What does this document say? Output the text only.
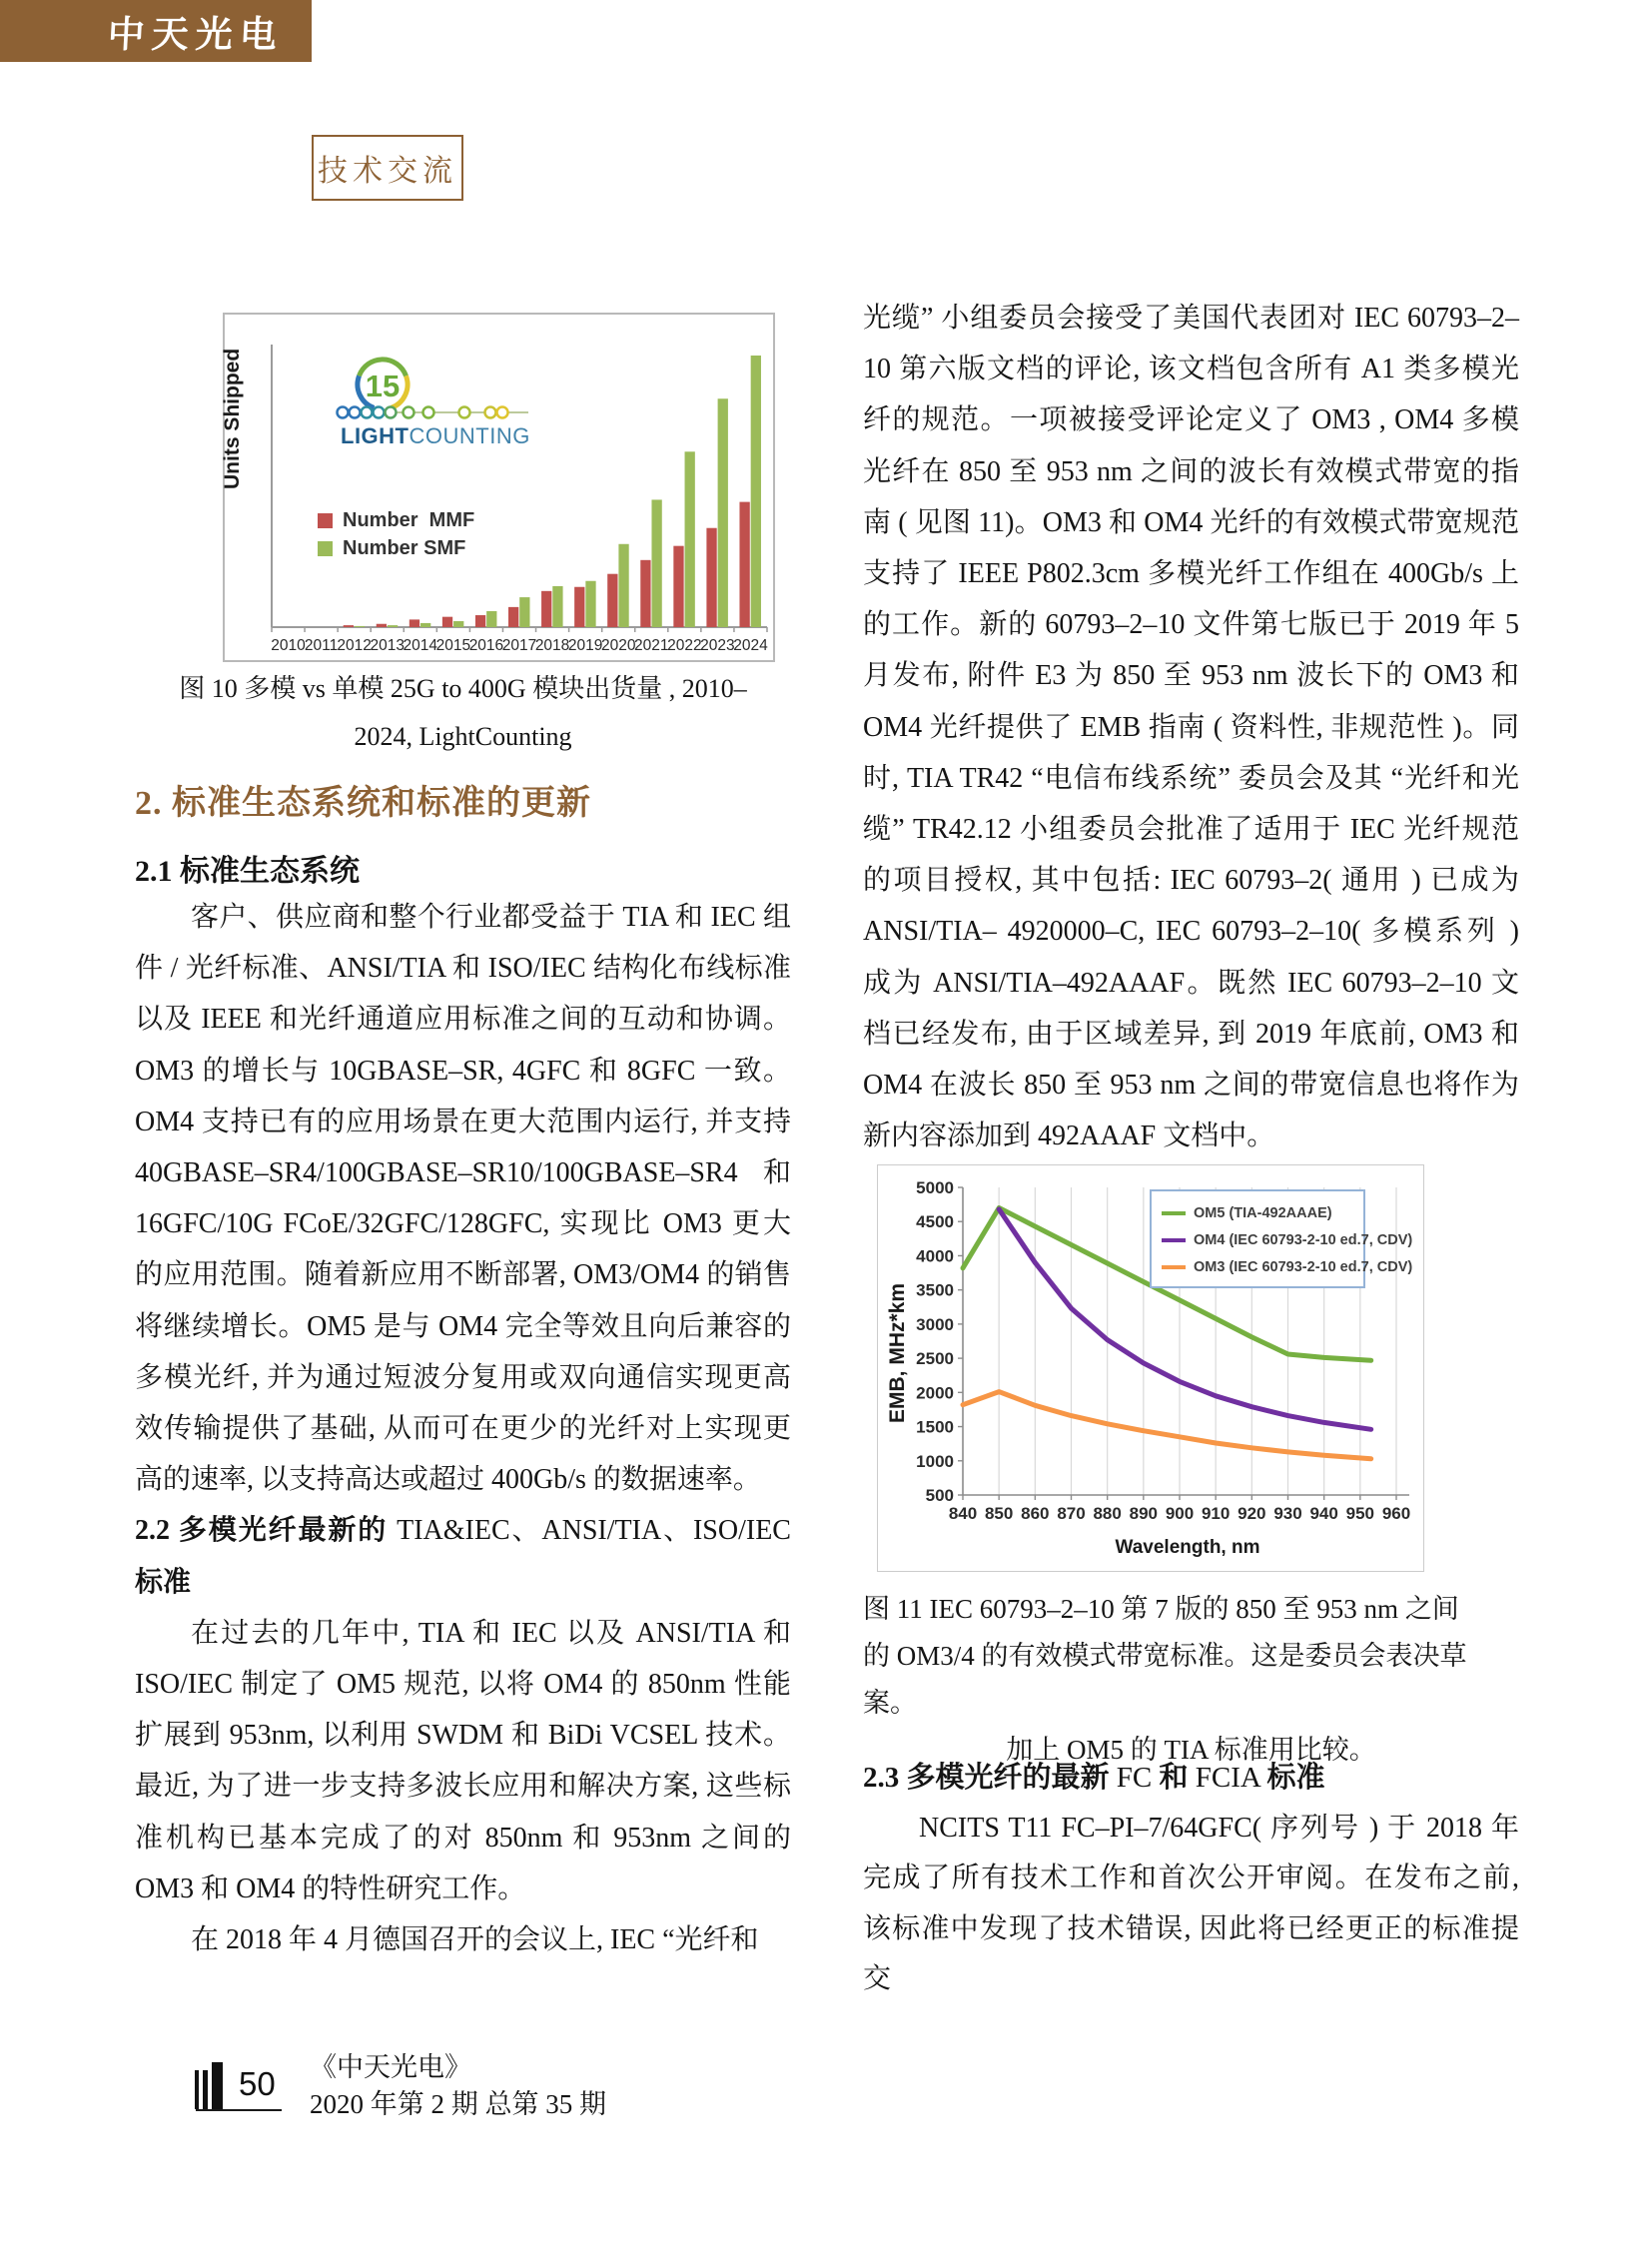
中天光电
技术交流
Units Shipped	15
LIGHTCOUNTING
Number  MMF
Number SMF
2010 2011 2012
2013
2014
2015
2016
2017
2018
2019
2020
2021
2022
2023
2024
图 10 多模 vs 单模 25G to 400G 模块出货量 , 2010–
2024, LightCounting
2. 标准生态系统和标准的更新
2.1 标准生态系统
客户、供应商和整个行业都受益于 TIA 和 IEC 组件 / 光纤标准、ANSI/TIA 和 ISO/IEC 结构化布线标准以及 IEEE 和光纤通道应用标准之间的互动和协调。OM3 的增长与 10GBASE–SR, 4GFC 和 8GFC 一致。OM4 支持已有的应用场景在更大范围内运行, 并支持 40GBASE–SR4/100GBASE–SR10/100GBASE–SR4 和 16GFC/10G FCoE/32GFC/128GFC, 实现比 OM3 更大的应用范围。随着新应用不断部署, OM3/OM4 的销售将继续增长。OM5 是与 OM4 完全等效且向后兼容的多模光纤, 并为通过短波分复用或双向通信实现更高效传输提供了基础, 从而可在更少的光纤对上实现更高的速率, 以支持高达或超过 400Gb/s 的数据速率。
2.2 多模光纤最新的 TIA&IEC、ANSI/TIA、ISO/IEC 标准
在过去的几年中, TIA 和 IEC 以及 ANSI/TIA 和 ISO/IEC 制定了 OM5 规范, 以将 OM4 的 850nm 性能扩展到 953nm, 以利用 SWDM 和 BiDi VCSEL 技术。最近, 为了进一步支持多波长应用和解决方案, 这些标准机构已基本完成了的对 850nm 和 953nm 之间的 OM3 和 OM4 的特性研究工作。
在 2018 年 4 月德国召开的会议上, IEC “光纤和
光缆” 小组委员会接受了美国代表团对 IEC 60793–2–10 第六版文档的评论, 该文档包含所有 A1 类多模光纤的规范。一项被接受评论定义了 OM3 , OM4 多模光纤在 850 至 953 nm 之间的波长有效模式带宽的指南 ( 见图 11)。OM3 和 OM4 光纤的有效模式带宽规范支持了 IEEE P802.3cm 多模光纤工作组在 400Gb/s 上的工作。新的 60793–2–10 文件第七版已于 2019 年 5 月发布, 附件 E3 为 850 至 953 nm 波长下的 OM3 和 OM4 光纤提供了 EMB 指南 ( 资料性, 非规范性 )。同时, TIA TR42 “电信布线系统” 委员会及其 “光纤和光缆” TR42.12 小组委员会批准了适用于 IEC 光纤规范的项目授权, 其中包括: IEC 60793–2( 通用 ) 已成为 ANSI/TIA– 4920000–C, IEC 60793–2–10( 多模系列 ) 成为 ANSI/TIA–492AAAF。既然 IEC 60793–2–10 文档已经发布, 由于区域差异, 到 2019 年底前, OM3 和 OM4 在波长 850 至 953 nm 之间的带宽信息也将作为新内容添加到 492AAAF 文档中。
EMB, MHz*km
Wavelength, nm
840 850 860 870 880 890 900 910 920 930 940 950 960
500
1000
1500
2000
2500
3000
3500
4000
4500
5000
OM5 (TIA-492AAAE)
OM4 (IEC 60793-2-10 ed.7, CDV)
OM3 (IEC 60793-2-10 ed.7, CDV)
图 11 IEC 60793–2–10 第 7 版的 850 至 953 nm 之间
的 OM3/4 的有效模式带宽标准。这是委员会表决草案。
加上 OM5 的 TIA 标准用比较。
2.3 多模光纤的最新 FC 和 FCIA 标准
NCITS T11 FC–PI–7/64GFC( 序列号 ) 于 2018 年完成了所有技术工作和首次公开审阅。在发布之前, 该标准中发现了技术错误, 因此将已经更正的标准提交
50 《中天光电》
2020 年第 2 期 总第 35 期
